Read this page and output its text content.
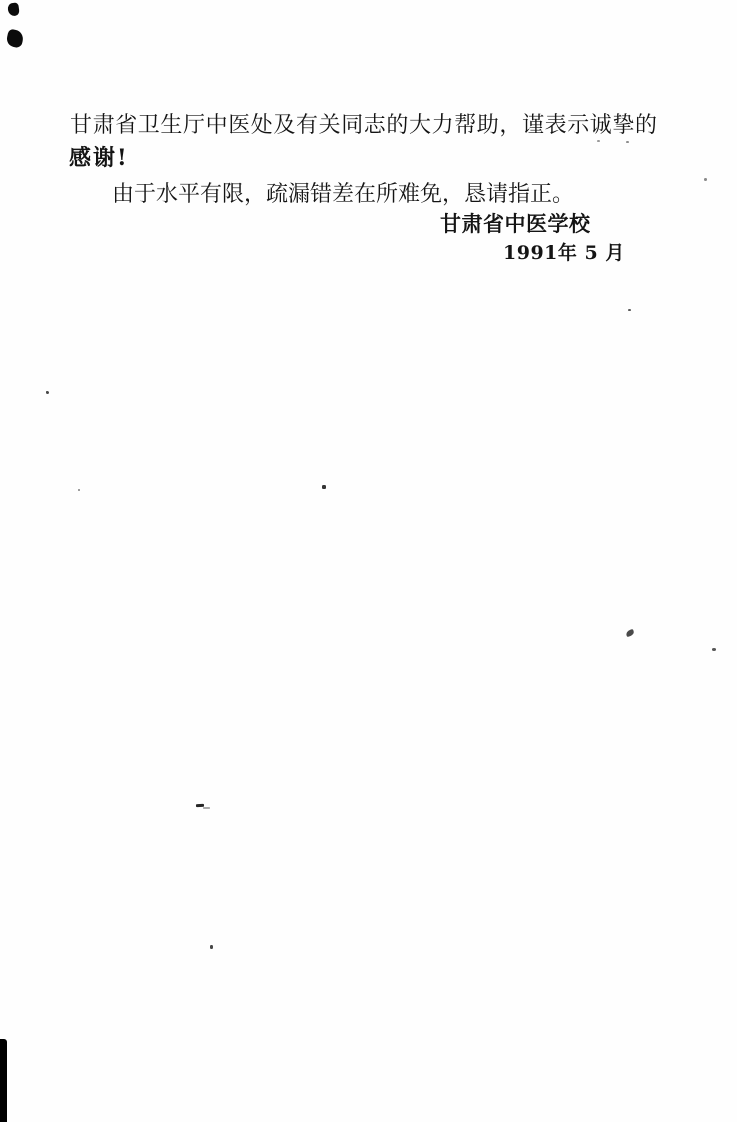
甘肃省卫生厅中医处及有关同志的大力帮助，谨表示诚挚的
感谢!
由于水平有限，疏漏错差在所难免，恳请指正。
甘肃省中医学校
1991年 5 月
